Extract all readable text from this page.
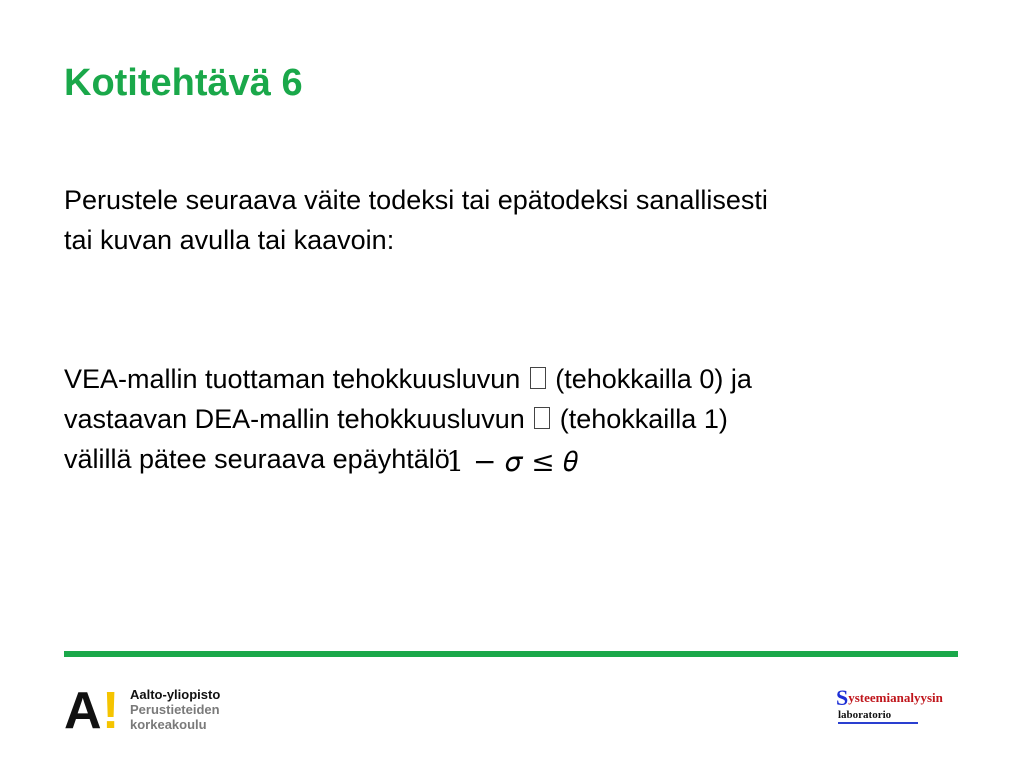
Kotitehtävä 6

Perustele seuraava väite todeksi tai epätodeksi sanallisesti
tai kuvan avulla tai kaavoin:

VEA-mallin tuottaman tehokkuusluvun  (tehokkailla 0) ja
vastaavan DEA-mallin tehokkuusluvun  (tehokkailla 1)
välillä pätee seuraava epäyhtälö

1 − 𝜎 ≤ 𝜃
A ! Aalto-yliopisto
Perustieteiden
korkeakoulu
Systeemianalyysin
laboratorio
